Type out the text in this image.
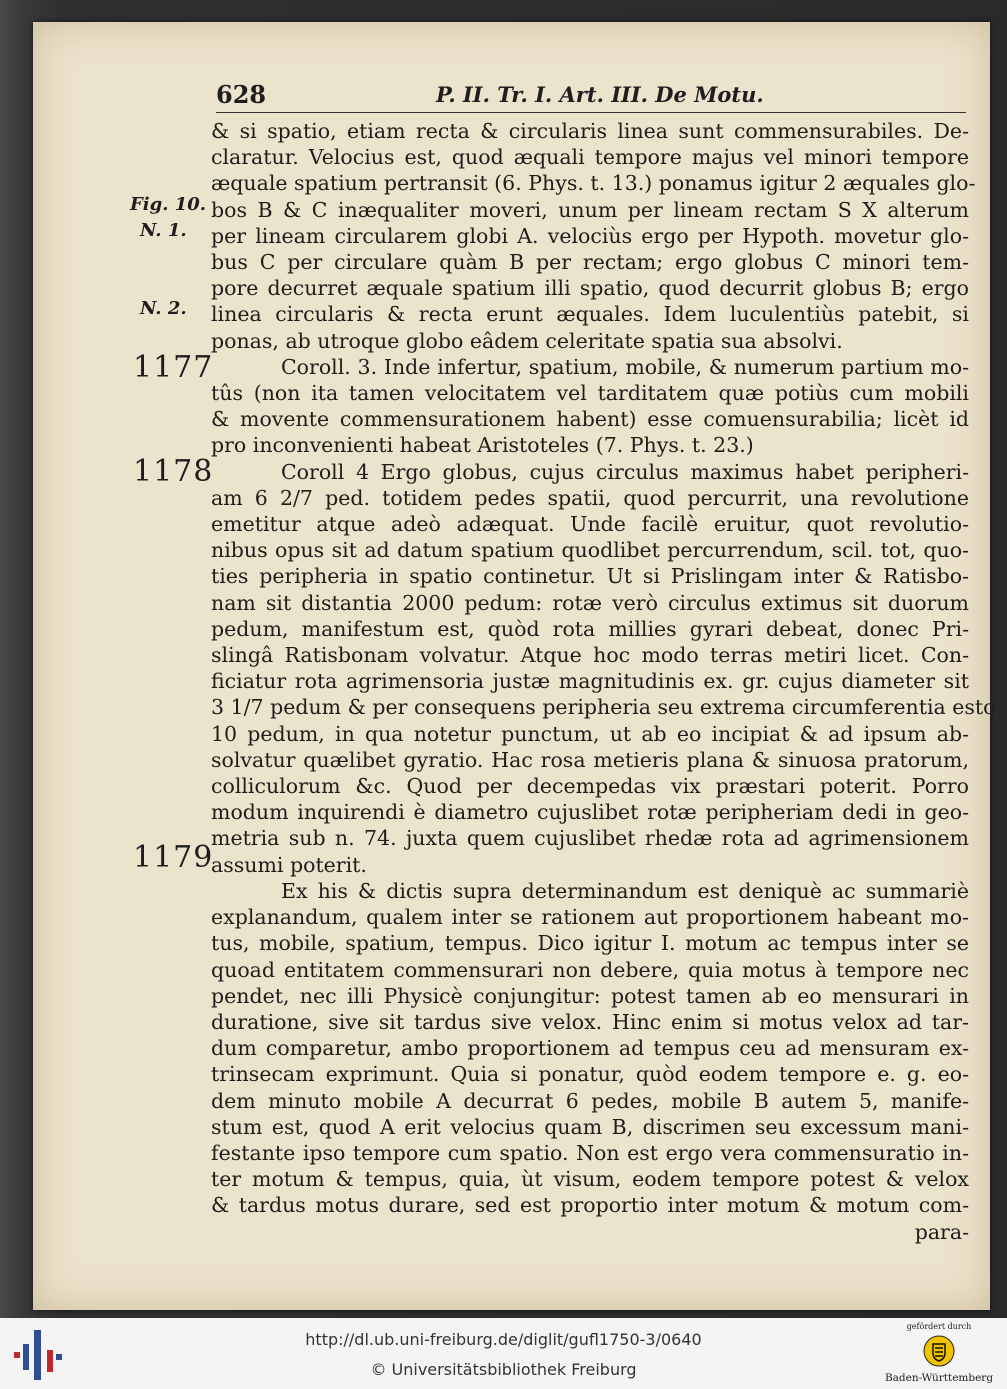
628	P. II. Tr. I. Art. III. De Motu.
Fig. 10.
N. 1.
N. 2.
1177
1178
1179
& si spatio, etiam recta & circularis linea sunt commensurabiles. De-
claratur. Velocius est, quod æquali tempore majus vel minori tempore
æquale spatium pertransit (6. Phys. t. 13.) ponamus igitur 2 æquales glo-
bos B & C inæqualiter moveri, unum per lineam rectam S X alterum
per lineam circularem globi A. velociùs ergo per Hypoth. movetur glo-
bus C per circulare quàm B per rectam; ergo globus C minori tem-
pore decurret æquale spatium illi spatio, quod decurrit globus B; ergo
linea circularis & recta erunt æquales. Idem luculentiùs patebit, si
ponas, ab utroque globo eâdem celeritate spatia sua absolvi.
Coroll. 3. Inde infertur, spatium, mobile, & numerum partium mo-
tûs (non ita tamen velocitatem vel tarditatem quæ potiùs cum mobili
& movente commensurationem habent) esse comuensurabilia; licèt id
pro inconvenienti habeat Aristoteles (7. Phys. t. 23.)
Coroll 4 Ergo globus, cujus circulus maximus habet peripheri-
am 6 2/7 ped. totidem pedes spatii, quod percurrit, una revolutione
emetitur atque adeò adæquat. Unde facilè eruitur, quot revolutio-
nibus opus sit ad datum spatium quodlibet percurrendum, scil. tot, quo-
ties peripheria in spatio continetur. Ut si Prislingam inter & Ratisbo-
nam sit distantia 2000 pedum: rotæ verò circulus extimus sit duorum
pedum, manifestum est, quòd rota millies gyrari debeat, donec Pri-
slingâ Ratisbonam volvatur. Atque hoc modo terras metiri licet. Con-
ficiatur rota agrimensoria justæ magnitudinis ex. gr. cujus diameter sit
3 1/7 pedum & per consequens peripheria seu extrema circumferentia esto
10 pedum, in qua notetur punctum, ut ab eo incipiat & ad ipsum ab-
solvatur quælibet gyratio. Hac rosa metieris plana & sinuosa pratorum,
colliculorum &c. Quod per decempedas vix præstari poterit. Porro
modum inquirendi è diametro cujuslibet rotæ peripheriam dedi in geo-
metria sub n. 74. juxta quem cujuslibet rhedæ rota ad agrimensionem
assumi poterit.
Ex his & dictis supra determinandum est deniquè ac summariè
explanandum, qualem inter se rationem aut proportionem habeant mo-
tus, mobile, spatium, tempus. Dico igitur I. motum ac tempus inter se
quoad entitatem commensurari non debere, quia motus à tempore nec
pendet, nec illi Physicè conjungitur: potest tamen ab eo mensurari in
duratione, sive sit tardus sive velox. Hinc enim si motus velox ad tar-
dum comparetur, ambo proportionem ad tempus ceu ad mensuram ex-
trinsecam exprimunt. Quia si ponatur, quòd eodem tempore e. g. eo-
dem minuto mobile A decurrat 6 pedes, mobile B autem 5, manife-
stum est, quod A erit velocius quam B, discrimen seu excessum mani-
festante ipso tempore cum spatio. Non est ergo vera commensuratio in-
ter motum & tempus, quia, ùt visum, eodem tempore potest & velox
& tardus motus durare, sed est proportio inter motum & motum com-
para-
http://dl.ub.uni-freiburg.de/diglit/gufl1750-3/0640
© Universitätsbibliothek Freiburg
gefördert durch
Baden-Württemberg
